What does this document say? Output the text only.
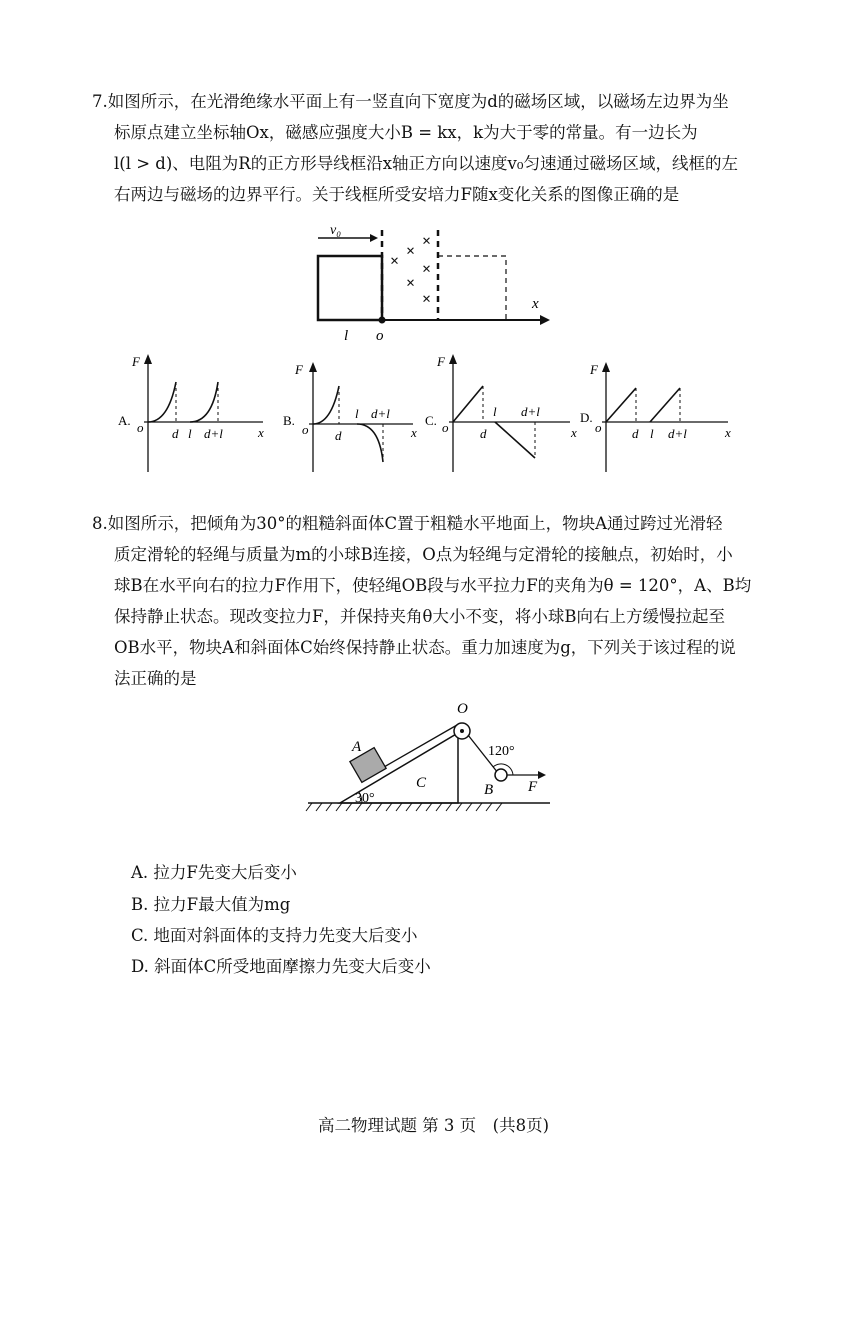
7.如图所示，在光滑绝缘水平面上有一竖直向下宽度为d的磁场区域，以磁场左边界为坐

标原点建立坐标轴Ox，磁感应强度大小B = kx，k为大于零的常量。有一边长为

l(l > d)、电阻为R的正方形导线框沿x轴正方向以速度v₀匀速通过磁场区域，线框的左

右两边与磁场的边界平行。关于线框所受安培力F随x变化关系的图像正确的是

v₀
×
×
×
×
×
×	x
l o
A.
F
o	x
d l d+l
B.
F
o	x
l d+l
d
C.
F
o	x
l d+l
d
D.
F
o	x
d l d+l

8.如图所示，把倾角为30°的粗糙斜面体C置于粗糙水平地面上，物块A通过跨过光滑轻

质定滑轮的轻绳与质量为m的小球B连接，O点为轻绳与定滑轮的接触点，初始时，小

球B在水平向右的拉力F作用下，使轻绳OB段与水平拉力F的夹角为θ = 120°，A、B均

保持静止状态。现改变拉力F，并保持夹角θ大小不变，将小球B向右上方缓慢拉起至

OB水平，物块A和斜面体C始终保持静止状态。重力加速度为g，下列关于该过程的说

法正确的是

O
A
C	B F
120°
30°
A. 拉力F先变大后变小
B. 拉力F最大值为mg
C. 地面对斜面体的支持力先变大后变小
D. 斜面体C所受地面摩擦力先变大后变小
高二物理试题 第 3 页　(共8页)
